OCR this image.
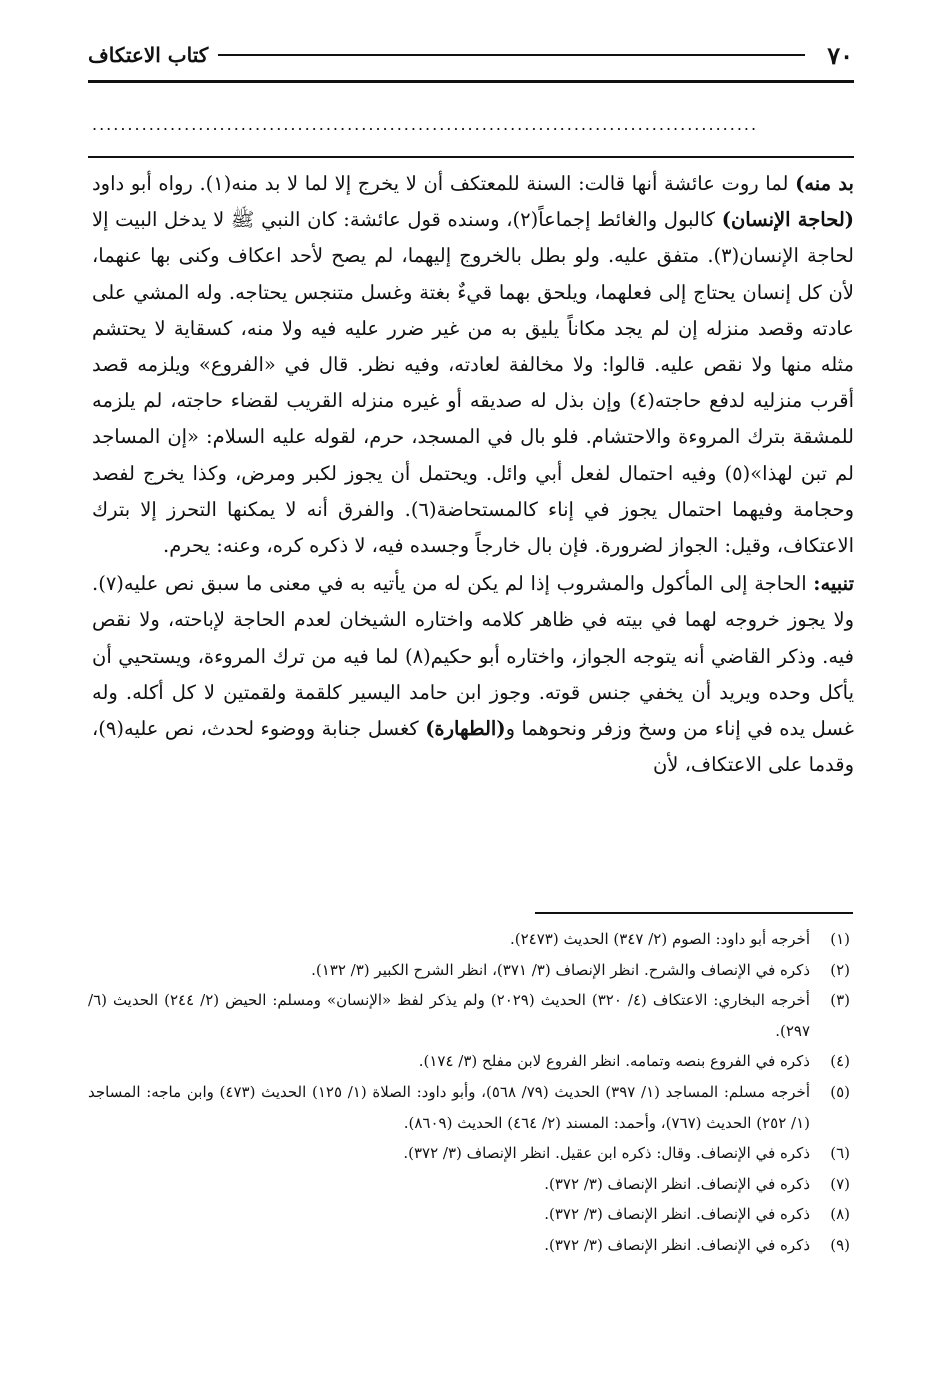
٧٠
كتاب الاعتكاف
..............................................................................................

بد منه) لما روت عائشة أنها قالت: السنة للمعتكف أن لا يخرج إلا لما لا بد منه(١). رواه أبو داود (لحاجة الإنسان) كالبول والغائط إجماعاً(٢)، وسنده قول عائشة: كان النبي ﷺ لا يدخل البيت إلا لحاجة الإنسان(٣). متفق عليه. ولو بطل بالخروج إليهما، لم يصح لأحد اعكاف وكنى بها عنهما، لأن كل إنسان يحتاج إلى فعلهما، ويلحق بهما قيءٌ بغتة وغسل متنجس يحتاجه. وله المشي على عادته وقصد منزله إن لم يجد مكاناً يليق به من غير ضرر عليه فيه ولا منه، كسقاية لا يحتشم مثله منها ولا نقص عليه. قالوا: ولا مخالفة لعادته، وفيه نظر. قال في «الفروع» ويلزمه قصد أقرب منزليه لدفع حاجته(٤) وإن بذل له صديقه أو غيره منزله القريب لقضاء حاجته، لم يلزمه للمشقة بترك المروءة والاحتشام. فلو بال في المسجد، حرم، لقوله عليه السلام: «إن المساجد لم تبن لهذا»(٥) وفيه احتمال لفعل أبي وائل. ويحتمل أن يجوز لكبر ومرض، وكذا يخرج لفصد وحجامة وفيهما احتمال يجوز في إناء كالمستحاضة(٦). والفرق أنه لا يمكنها التحرز إلا بترك الاعتكاف، وقيل: الجواز لضرورة. فإن بال خارجاً وجسده فيه، لا ذكره كره، وعنه: يحرم.

تنبيه: الحاجة إلى المأكول والمشروب إذا لم يكن له من يأتيه به في معنى ما سبق نص عليه(٧). ولا يجوز خروجه لهما في بيته في ظاهر كلامه واختاره الشيخان لعدم الحاجة لإباحته، ولا نقص فيه. وذكر القاضي أنه يتوجه الجواز، واختاره أبو حكيم(٨) لما فيه من ترك المروءة، ويستحيي أن يأكل وحده ويريد أن يخفي جنس قوته. وجوز ابن حامد اليسير كلقمة ولقمتين لا كل أكله. وله غسل يده في إناء من وسخ وزفر ونحوهما و(الطهارة) كغسل جنابة ووضوء لحدث، نص عليه(٩)، وقدما على الاعتكاف، لأن

(١)
أخرجه أبو داود: الصوم (٢/ ٣٤٧) الحديث (٢٤٧٣).
(٢)
ذكره في الإنصاف والشرح. انظر الإنصاف (٣/ ٣٧١)، انظر الشرح الكبير (٣/ ١٣٢).
(٣)
أخرجه البخاري: الاعتكاف (٤/ ٣٢٠) الحديث (٢٠٢٩) ولم يذكر لفظ «الإنسان» ومسلم: الحيض (٢/ ٢٤٤) الحديث (٦/ ٢٩٧).
(٤)
ذكره في الفروع بنصه وتمامه. انظر الفروع لابن مفلح (٣/ ١٧٤).
(٥)
أخرجه مسلم: المساجد (١/ ٣٩٧) الحديث (٧٩/ ٥٦٨)، وأبو داود: الصلاة (١/ ١٢٥) الحديث (٤٧٣) وابن ماجه: المساجد (١/ ٢٥٢) الحديث (٧٦٧)، وأحمد: المسند (٢/ ٤٦٤) الحديث (٨٦٠٩).
(٦)
ذكره في الإنصاف. وقال: ذكره ابن عقيل. انظر الإنصاف (٣/ ٣٧٢).
(٧)
ذكره في الإنصاف. انظر الإنصاف (٣/ ٣٧٢).
(٨)
ذكره في الإنصاف. انظر الإنصاف (٣/ ٣٧٢).
(٩)
ذكره في الإنصاف. انظر الإنصاف (٣/ ٣٧٢).
